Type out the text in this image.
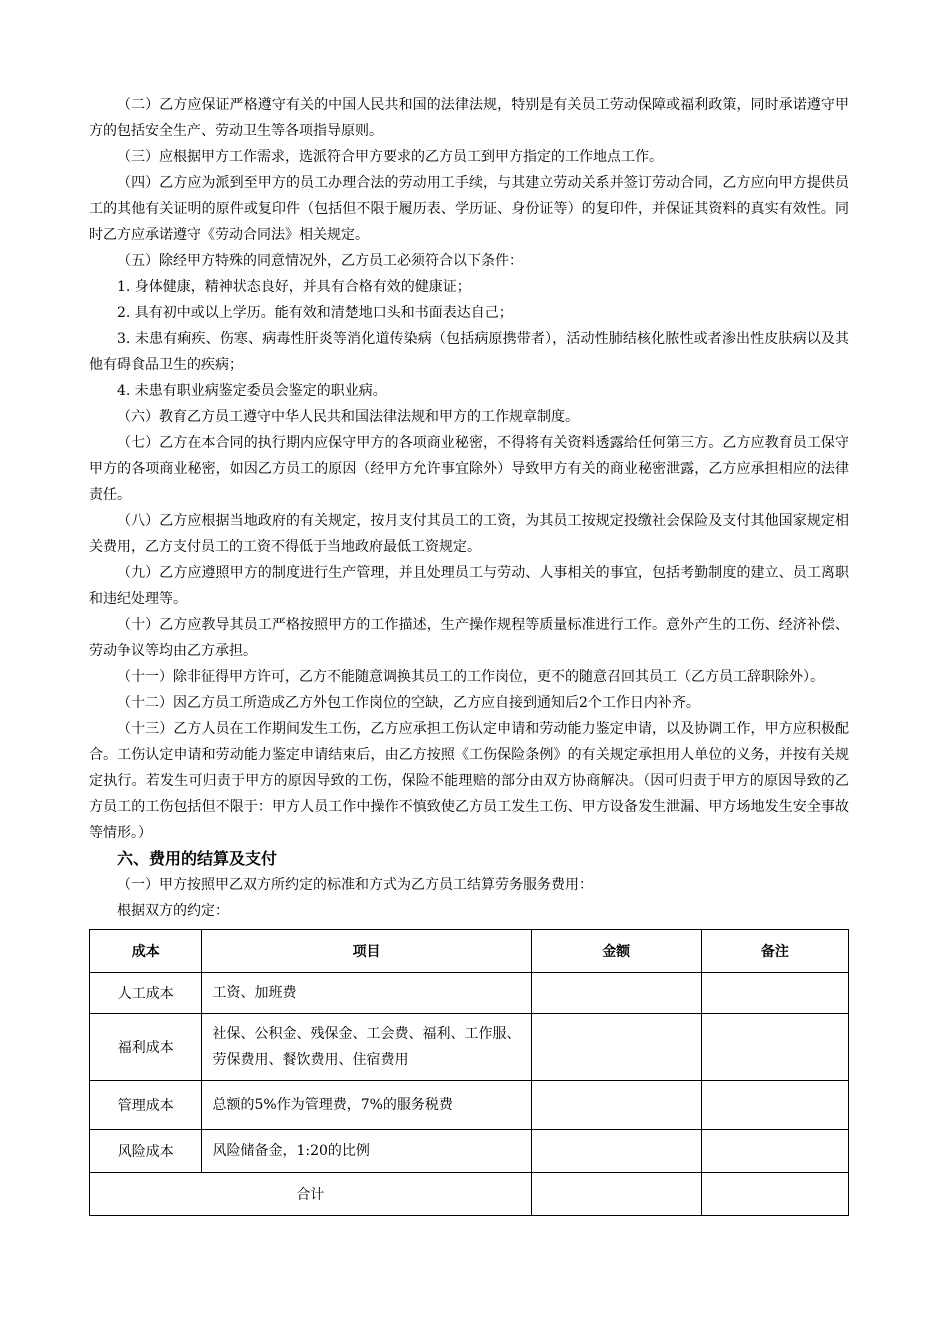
（二）乙方应保证严格遵守有关的中国人民共和国的法律法规，特别是有关员工劳动保障或福利政策，同时承诺遵守甲方的包括安全生产、劳动卫生等各项指导原则。

（三）应根据甲方工作需求，选派符合甲方要求的乙方员工到甲方指定的工作地点工作。

（四）乙方应为派到至甲方的员工办理合法的劳动用工手续，与其建立劳动关系并签订劳动合同，乙方应向甲方提供员工的其他有关证明的原件或复印件（包括但不限于履历表、学历证、身份证等）的复印件，并保证其资料的真实有效性。同时乙方应承诺遵守《劳动合同法》相关规定。

（五）除经甲方特殊的同意情况外，乙方员工必须符合以下条件：

1. 身体健康，精神状态良好，并具有合格有效的健康证；

2. 具有初中或以上学历。能有效和清楚地口头和书面表达自己；

3. 未患有痢疾、伤寒、病毒性肝炎等消化道传染病（包括病原携带者），活动性肺结核化脓性或者渗出性皮肤病以及其他有碍食品卫生的疾病；

4. 未患有职业病鉴定委员会鉴定的职业病。

（六）教育乙方员工遵守中华人民共和国法律法规和甲方的工作规章制度。

（七）乙方在本合同的执行期内应保守甲方的各项商业秘密，不得将有关资料透露给任何第三方。乙方应教育员工保守甲方的各项商业秘密，如因乙方员工的原因（经甲方允许事宜除外）导致甲方有关的商业秘密泄露，乙方应承担相应的法律责任。

（八）乙方应根据当地政府的有关规定，按月支付其员工的工资，为其员工按规定投缴社会保险及支付其他国家规定相关费用，乙方支付员工的工资不得低于当地政府最低工资规定。

（九）乙方应遵照甲方的制度进行生产管理，并且处理员工与劳动、人事相关的事宜，包括考勤制度的建立、员工离职和违纪处理等。

（十）乙方应教导其员工严格按照甲方的工作描述，生产操作规程等质量标准进行工作。意外产生的工伤、经济补偿、劳动争议等均由乙方承担。

（十一）除非征得甲方许可，乙方不能随意调换其员工的工作岗位，更不的随意召回其员工（乙方员工辞职除外）。

（十二）因乙方员工所造成乙方外包工作岗位的空缺，乙方应自接到通知后2个工作日内补齐。

（十三）乙方人员在工作期间发生工伤，乙方应承担工伤认定申请和劳动能力鉴定申请，以及协调工作，甲方应积极配合。工伤认定申请和劳动能力鉴定申请结束后，由乙方按照《工伤保险条例》的有关规定承担用人单位的义务，并按有关规定执行。若发生可归责于甲方的原因导致的工伤，保险不能理赔的部分由双方协商解决。（因可归责于甲方的原因导致的乙方员工的工伤包括但不限于：甲方人员工作中操作不慎致使乙方员工发生工伤、甲方设备发生泄漏、甲方场地发生安全事故等情形。）

六、费用的结算及支付

（一）甲方按照甲乙双方所约定的标准和方式为乙方员工结算劳务服务费用：

根据双方的约定：

成本	项目	金额	备注
人工成本	工资、加班费		
福利成本	社保、公积金、残保金、工会费、福利、工作服、劳保费用、餐饮费用、住宿费用		
管理成本	总额的5%作为管理费，7%的服务税费		
风险成本	风险储备金，1:20的比例		
合计			
